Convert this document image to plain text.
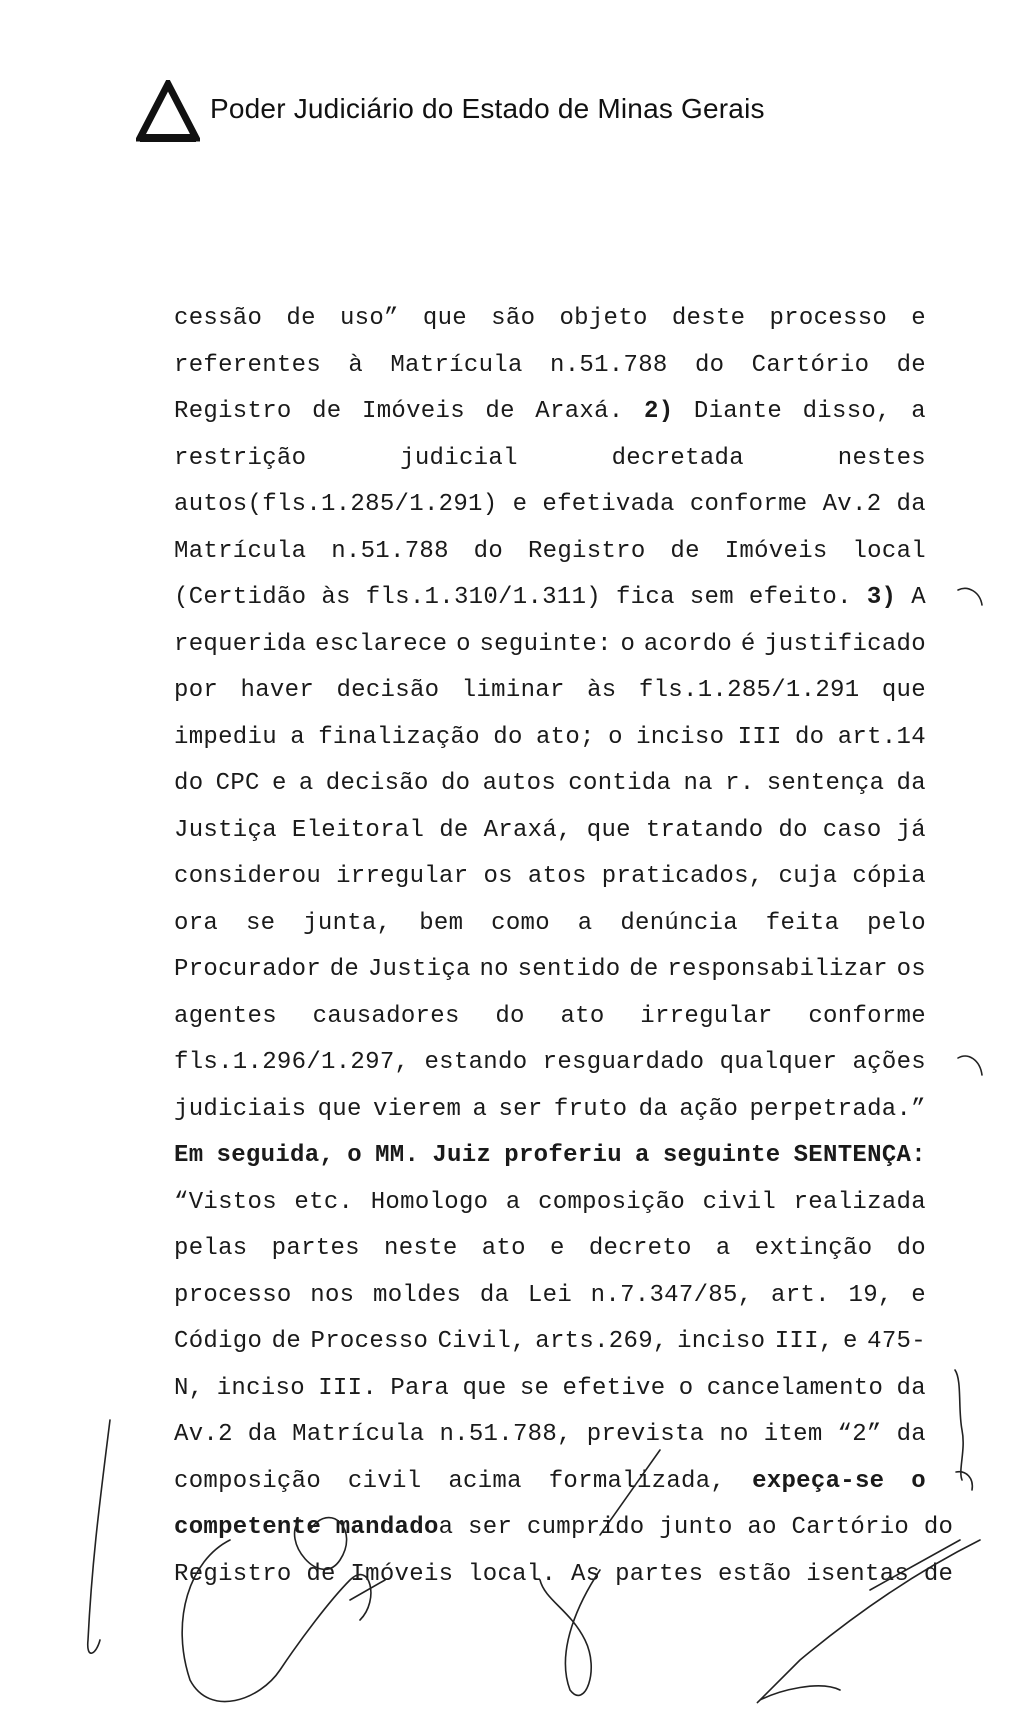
Poder Judiciário do Estado de Minas Gerais
cessão de uso” que são objeto deste processo e
referentes à Matrícula n.51.788 do Cartório de
Registro de Imóveis de Araxá. 2) Diante disso, a
restrição	judicial	decretada	nestes
autos(fls.1.285/1.291) e efetivada conforme Av.2 da
Matrícula n.51.788 do Registro de Imóveis local
(Certidão às fls.1.310/1.311) fica sem efeito. 3) A
requerida esclarece o seguinte: o acordo é justificado
por haver decisão liminar às fls.1.285/1.291 que
impediu a finalização do ato; o inciso III do art.14
do CPC e a decisão do autos contida na r. sentença da
Justiça Eleitoral de Araxá, que tratando do caso já
considerou irregular os atos praticados, cuja cópia
ora se junta, bem como a denúncia feita pelo
Procurador de Justiça no sentido de responsabilizar os
agentes causadores do ato irregular conforme
fls.1.296/1.297, estando resguardado qualquer ações
judiciais que vierem a ser fruto da ação perpetrada.”
Em seguida, o MM. Juiz proferiu a seguinte SENTENÇA:
“Vistos etc. Homologo a composição civil realizada
pelas partes neste ato e decreto a extinção do
processo nos moldes da Lei n.7.347/85, art. 19, e
Código de Processo Civil, arts.269, inciso III, e 475-
N, inciso III. Para que se efetive o cancelamento da
Av.2 da Matrícula n.51.788, prevista no item “2” da
composição civil acima formalizada, expeça-se o
competente mandado a ser cumprido junto ao Cartório do
Registro de Imóveis local. As partes estão isentas de
